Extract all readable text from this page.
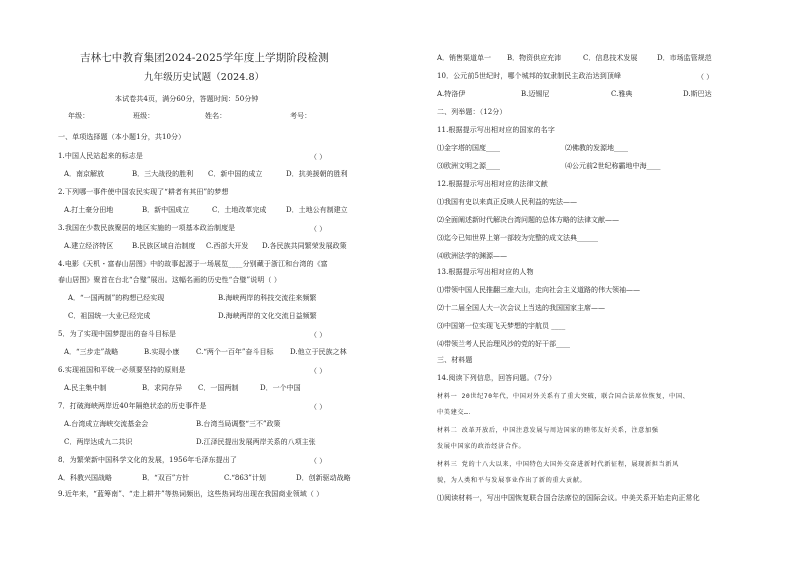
吉林七中教育集团2024-2025学年度上学期阶段检测
九年级历史试题（2024.8）
本试卷共4页，满分60分，答题时间：50分钟
年级：	班级：	姓名：	考号：
一、单项选择题（本小题1分，共10分）
1.中国人民站起来的标志是	（ ）
A．南京解放	B．三大战役的胜利 C．新中国的成立	D．抗美援朝的胜利
2.下列哪一事件使中国农民实现了“耕者有其田”的梦想
A.打土豪分田地	B．新中国成立	C．土地改革完成	D．土地公有制建立
3.我国在少数民族聚居的地区实施的一项基本政治制度是	（ ）
A.建立经济特区	B.民族区域自治制度 C.西部大开发 D.各民族共同繁荣发展政策
4.电影《天机・富春山居图》中的故事起源于一场展览____分别藏于浙江和台湾的《富
春山居图》聚首在台北“合璧”展出。这幅名画的历史性“合璧”说明（ ）
A．“一国两制”的构想已经实现	B.海峡两岸的科技交流往来频繁
C．祖国统一大业已经完成	D.海峡两岸的文化交流日益频繁
5．为了实现中国梦提出的奋斗目标是	（ ）
A．“三步走”战略	B.实现小康 C.“两个一百年”奋斗目标 D.他立于民族之林
6.实现祖国和平统一必须要坚持的原则是	（ ）
A.民主集中制	B．求同存异 C．一国两制	D．一个中国
7．打破海峡两岸近40年隔绝状态的历史事件是	（ ）
A.台湾成立海峡交流基金会	B.台湾当局调整“三不”政策
C．两岸达成九二共识	D.江泽民提出发展两岸关系的八项主张
8．为繁荣新中国科学文化的发展，1956年毛泽东提出了	（ ）
A．科教兴国战略	B．“双百”方针	C.“863”计划	D．创新驱动战略
9.近年来，“蓝筹南”、“走上耕井”等热词频出，这些热词均出现在我国商业领域（ ）
A．销售渠道单一 B．物资供应充沛	C．信息技术发展	D．市场监管规范
10．公元前5世纪时，哪个城邦的奴隶制民主政治达到顶峰	（ ）
A.特洛伊	B.迈锡尼	C.雅典	D.斯巴达
二、列举题：（12分）
11.根据提示写出相对应的国家的名字
⑴金字塔的国度____	⑵佛教的发源地____
⑶欧洲文明之源____	⑷公元前2世纪称霸地中海____
12.根据提示写出相对应的法律文献
⑴我国有史以来真正反映人民利益的宪法——
⑵全面阐述新时代解决台湾问题的总体方略的法律文献——
⑶迄今已知世界上第一部较为完整的成文法典______
⑷欧洲法学的渊源——
13.根据提示写出相对应的人物
⑴带领中国人民推翻三座大山，走向社会主义道路的伟大领袖——
⑵十二届全国人大一次会议上当选的我国国家主席——
⑶中国第一位实现飞天梦想的宇航员 ____
⑷带领兰考人民治理风沙的党的好干部____
三、材料题
14.阅读下列信息，回答问题。（7分）
材料一 20世纪70年代，中国对外关系有了重大突破，联合国合法席位恢复，中国、
中美建交…．
材料二 改革开放后，中国注意发展与周边国家的睦邻友好关系，注意加强
发展中国家的政治经济合作。
材料三 党的十八大以来，中国特色大国外交奋进新时代新征程，展现新担当新风
貌，为人类和平与发展事业作出了新的重大贡献。
⑴阅读材料一，写出中国恢复联合国合法席位的国际会议。中美关系开始走向正常化
